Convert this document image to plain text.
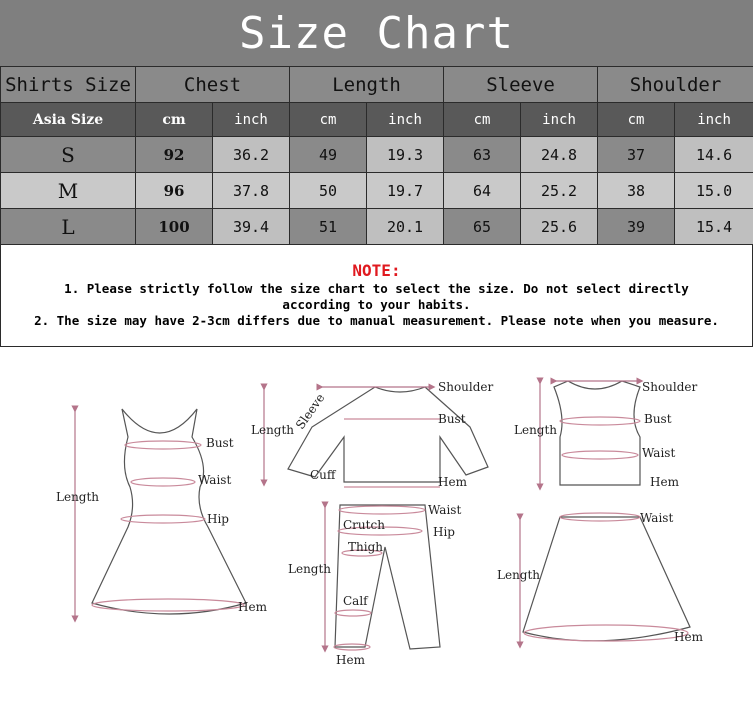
Size Chart
Shirts Size	Chest		Length		Sleeve		Shoulder	
Asia Size	cm	inch	cm	inch	cm	inch	cm	inch
S	92	36.2	49	19.3	63	24.8	37	14.6
M	96	37.8	50	19.7	64	25.2	38	15.0
L	100	39.4	51	20.1	65	25.6	39	15.4
NOTE:
1. Please strictly follow the size chart to select the size. Do not select directly
according to your habits.
2. The size may have 2-3cm differs due to manual measurement. Please note when you measure.
Length
Bust
Waist
Hip
Hem
Length
Sleeve
Shoulder
Bust
Cuff	Hem
Length
Shoulder
Bust
Waist
Hem
Length
Waist
Hip
Crutch
Thigh
Calf
Hem
Length
Waist
Hem
